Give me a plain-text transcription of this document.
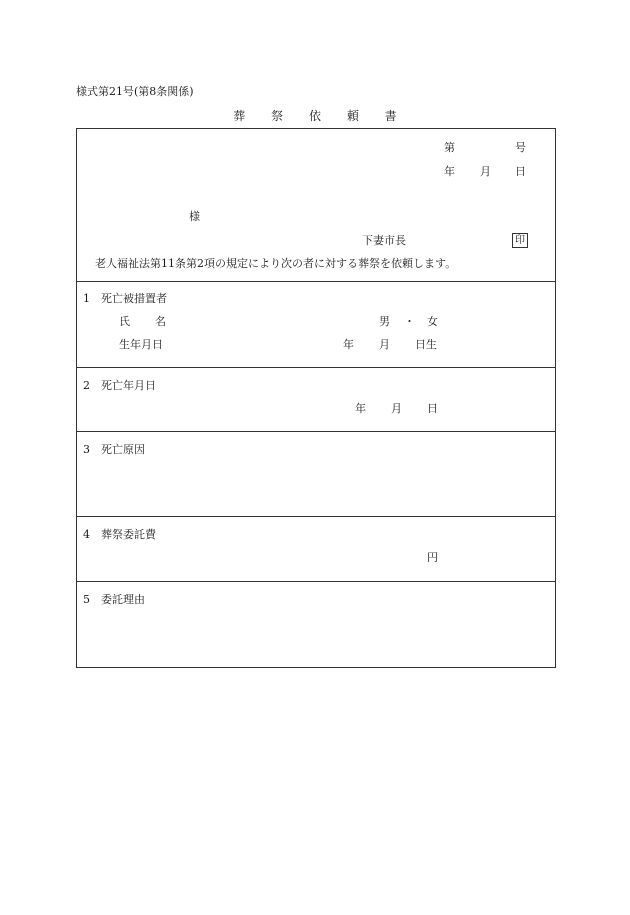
様式第21号(第8条関係)
葬 祭 依 頼 書
第	号
年 月 日
様
下妻市長	印
老人福祉法第11条第2項の規定により次の者に対する葬祭を依頼します。
1 死亡被措置者
氏 名	男 ・ 女
生年月日	年 月 日生
2 死亡年月日
年 月 日
3 死亡原因
4 葬祭委託費
円
5 委託理由
